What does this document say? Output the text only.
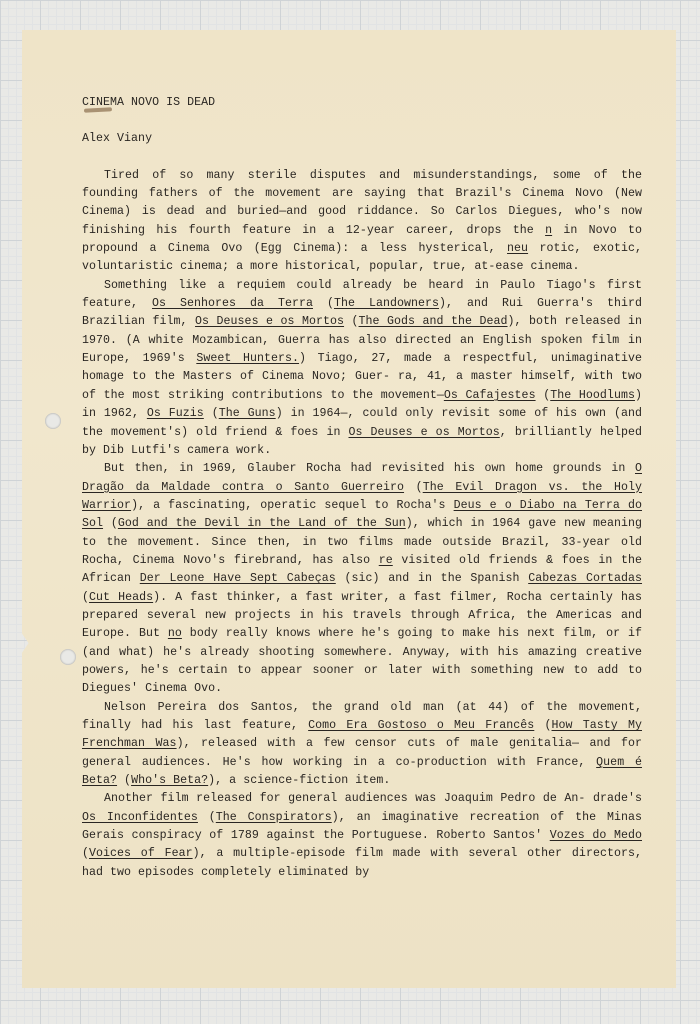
CINEMA NOVO IS DEAD

Alex Viany

Tired of so many sterile disputes and misunderstandings, some of the founding fathers of the movement are saying that Brazil's Cinema Novo (New Cinema) is dead and buried—and good riddance. So Carlos Diegues, who's now finishing his fourth feature in a 12-year career, drops the n in Novo to propound a Cinema Ovo (Egg Cinema): a less hysterical, neu rotic, exotic, voluntaristic cinema; a more historical, popular, true, at-ease cinema.

Something like a requiem could already be heard in Paulo Tiago's first feature, Os Senhores da Terra (The Landowners), and Rui Guerra's third Brazilian film, Os Deuses e os Mortos (The Gods and the Dead), both released in 1970. (A white Mozambican, Guerra has also directed an English spoken film in Europe, 1969's Sweet Hunters.) Tiago, 27, made a respectful, unimaginative homage to the Masters of Cinema Novo; Guer- ra, 41, a master himself, with two of the most striking contributions to the movement—Os Cafajestes (The Hoodlums) in 1962, Os Fuzis (The Guns) in 1964—, could only revisit some of his own (and the movement's) old friend & foes in Os Deuses e os Mortos, brilliantly helped by Dib Lutfi's camera work.

But then, in 1969, Glauber Rocha had revisited his own home grounds in O Dragão da Maldade contra o Santo Guerreiro (The Evil Dragon vs. the Holy Warrior), a fascinating, operatic sequel to Rocha's Deus e o Diabo na Terra do Sol (God and the Devil in the Land of the Sun), which in 1964 gave new meaning to the movement. Since then, in two films made outside Brazil, 33-year old Rocha, Cinema Novo's firebrand, has also re visited old friends & foes in the African Der Leone Have Sept Cabeças (sic) and in the Spanish Cabezas Cortadas (Cut Heads). A fast thinker, a fast writer, a fast filmer, Rocha certainly has prepared several new projects in his travels through Africa, the Americas and Europe. But no body really knows where he's going to make his next film, or if (and what) he's already shooting somewhere. Anyway, with his amazing creative powers, he's certain to appear sooner or later with something new to add to Diegues' Cinema Ovo.

Nelson Pereira dos Santos, the grand old man (at 44) of the movement, finally had his last feature, Como Era Gostoso o Meu Francês (How Tasty My Frenchman Was), released with a few censor cuts of male genitalia— and for general audiences. He's how working in a co-production with France, Quem é Beta? (Who's Beta?), a science-fiction item.

Another film released for general audiences was Joaquim Pedro de An- drade's Os Inconfidentes (The Conspirators), an imaginative recreation of the Minas Gerais conspiracy of 1789 against the Portuguese. Roberto Santos' Vozes do Medo (Voices of Fear), a multiple-episode film made with several other directors, had two episodes completely eliminated by
